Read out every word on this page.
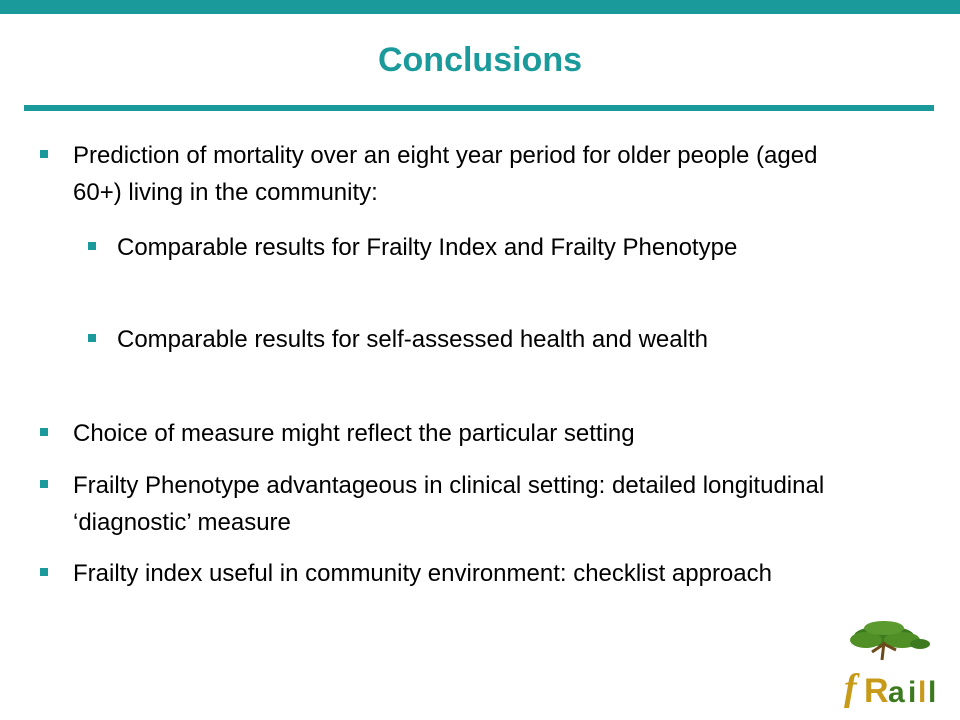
Conclusions
Prediction of mortality over an eight year period for older people (aged 60+) living in the community:
Comparable results for Frailty Index and Frailty Phenotype
Comparable results for self-assessed health and wealth
Choice of measure might reflect the particular setting
Frailty Phenotype advantageous in clinical setting: detailed longitudinal ‘diagnostic’ measure
Frailty index useful in community environment: checklist approach
f R a i l l
